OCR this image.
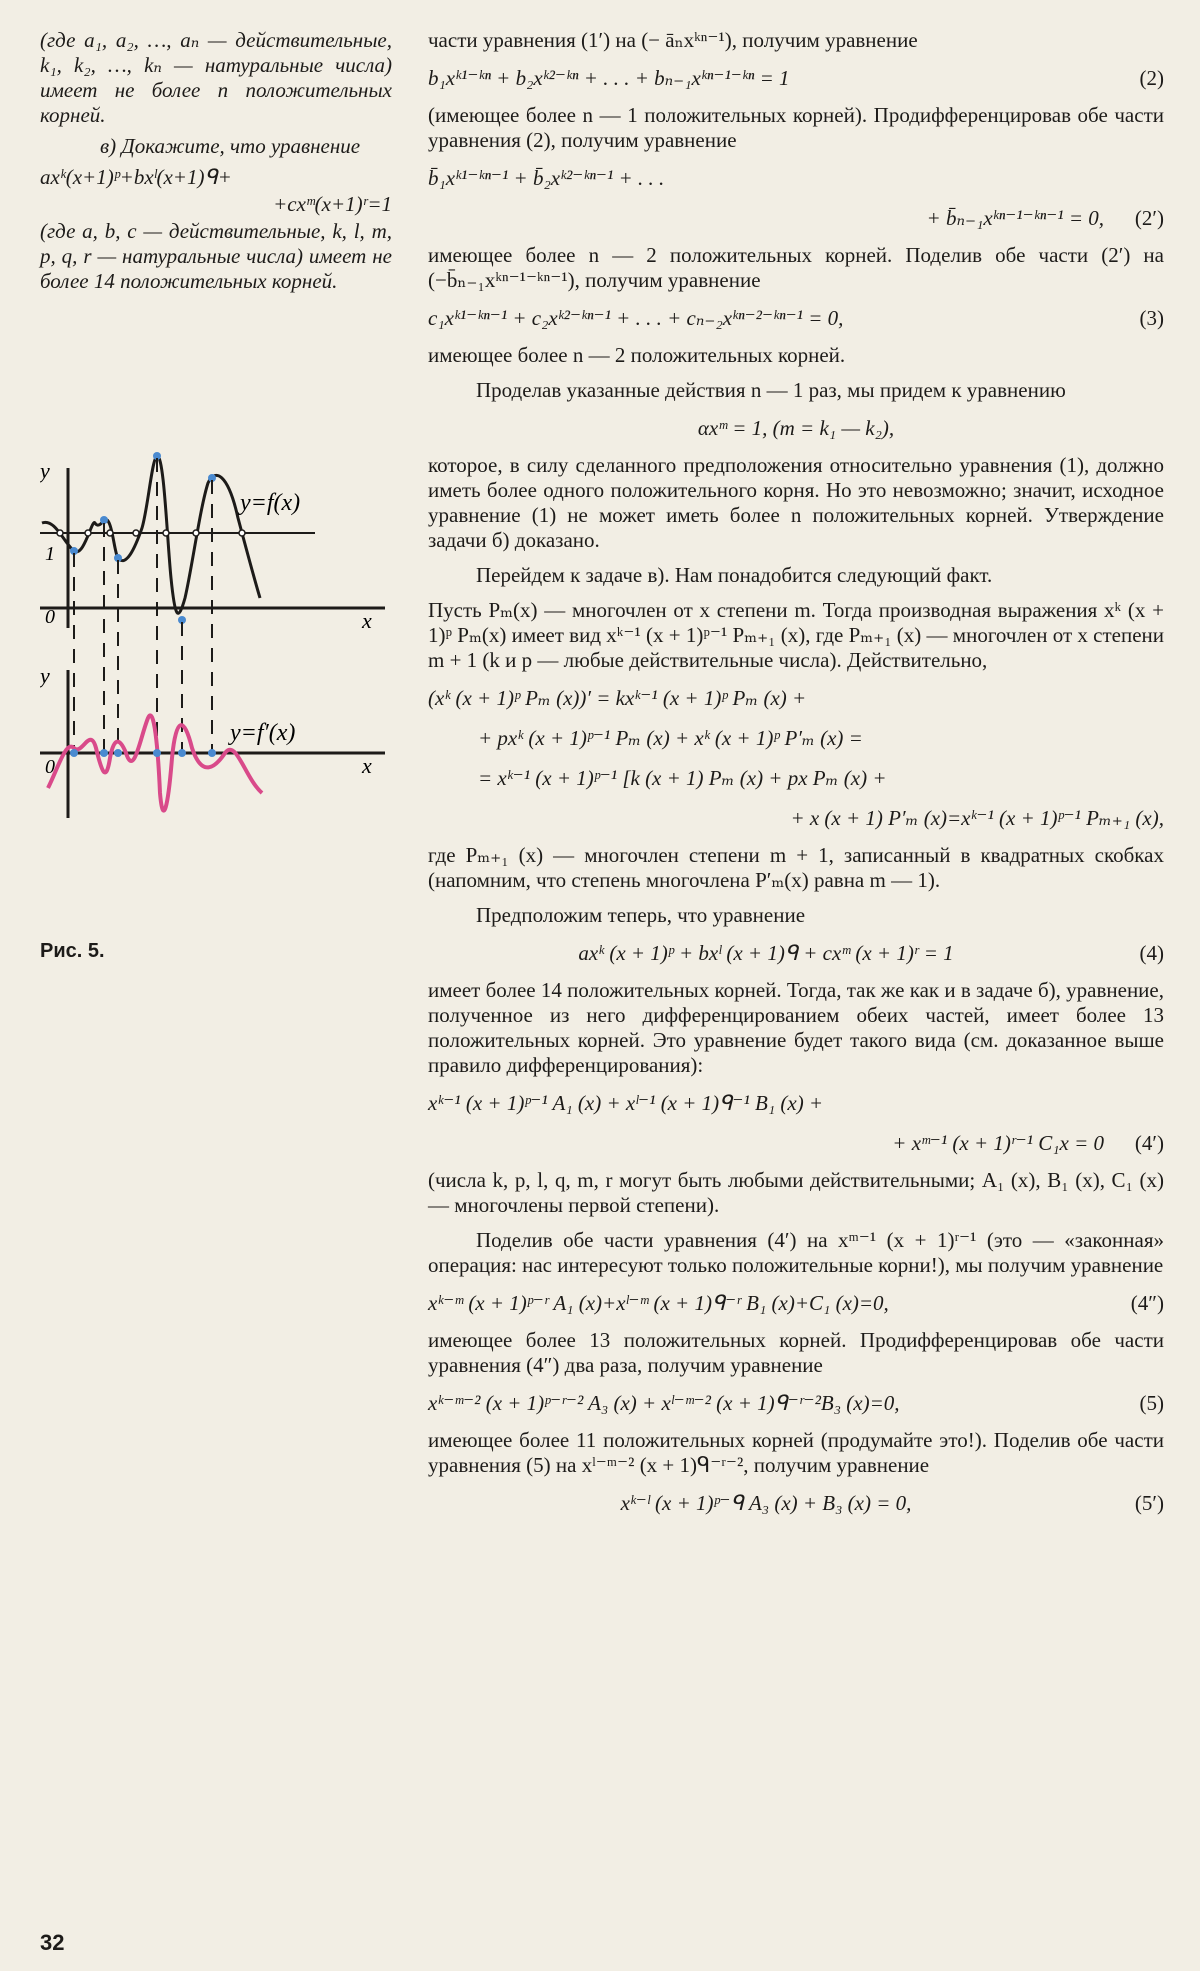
(где a₁, a₂, …, aₙ — действительные, k₁, k₂, …, kₙ — натуральные числа) имеет не более n положительных корней.

в) Докажите, что уравнение

axᵏ(x+1)ᵖ+bxˡ(x+1)ᑫ+
+cxᵐ(x+1)ʳ=1

(где a, b, c — действительные, k, l, m, p, q, r — натуральные числа) имеет не более 14 положительных корней.

y
1
0	x
y=f(x)
y
0	x
y=f′(x)
Рис. 5.
части уравнения (1′) на (− āₙxᵏⁿ⁻¹), получим уравнение
b₁xᵏ¹⁻ᵏⁿ + b₂xᵏ²⁻ᵏⁿ + . . . + bₙ₋₁xᵏⁿ⁻¹⁻ᵏⁿ = 1	(2)
(имеющее более n — 1 положительных корней). Продифференцировав обе части уравнения (2), получим уравнение
b̄₁xᵏ¹⁻ᵏⁿ⁻¹ + b̄₂xᵏ²⁻ᵏⁿ⁻¹ + . . .
+ b̄ₙ₋₁xᵏⁿ⁻¹⁻ᵏⁿ⁻¹ = 0,	(2′)
имеющее более n — 2 положительных корней. Поделив обе части (2′) на (−b̄ₙ₋₁xᵏⁿ⁻¹⁻ᵏⁿ⁻¹), получим уравнение
c₁xᵏ¹⁻ᵏⁿ⁻¹ + c₂xᵏ²⁻ᵏⁿ⁻¹ + . . . + cₙ₋₂xᵏⁿ⁻²⁻ᵏⁿ⁻¹ = 0,	(3)
имеющее более n — 2 положительных корней.
Проделав указанные действия n — 1 раз, мы придем к уравнению
αxᵐ = 1, (m = k₁ — k₂),
которое, в силу сделанного предположения относительно уравнения (1), должно иметь более одного положительного корня. Но это невозможно; значит, исходное уравнение (1) не может иметь более n положительных корней. Утверждение задачи б) доказано.
Перейдем к задаче в). Нам понадобится следующий факт.
Пусть Pₘ(x) — многочлен от x степени m. Тогда производная выражения xᵏ (x + 1)ᵖ Pₘ(x) имеет вид xᵏ⁻¹ (x + 1)ᵖ⁻¹ Pₘ₊₁ (x), где Pₘ₊₁ (x) — многочлен от x степени m + 1 (k и p — любые действительные числа). Действительно,
(xᵏ (x + 1)ᵖ Pₘ (x))′ = kxᵏ⁻¹ (x + 1)ᵖ Pₘ (x) +
+ pxᵏ (x + 1)ᵖ⁻¹ Pₘ (x) + xᵏ (x + 1)ᵖ P′ₘ (x) =
= xᵏ⁻¹ (x + 1)ᵖ⁻¹ [k (x + 1) Pₘ (x) + px Pₘ (x) +
+ x (x + 1) P′ₘ (x)=xᵏ⁻¹ (x + 1)ᵖ⁻¹ Pₘ₊₁ (x),
где Pₘ₊₁ (x) — многочлен степени m + 1, записанный в квадратных скобках (напомним, что степень многочлена P′ₘ(x) равна m — 1).
Предположим теперь, что уравнение
axᵏ (x + 1)ᵖ + bxˡ (x + 1)ᑫ + cxᵐ (x + 1)ʳ = 1	(4)
имеет более 14 положительных корней. Тогда, так же как и в задаче б), уравнение, полученное из него дифференцированием обеих частей, имеет более 13 положительных корней. Это уравнение будет такого вида (см. доказанное выше правило дифференцирования):
xᵏ⁻¹ (x + 1)ᵖ⁻¹ A₁ (x) + xˡ⁻¹ (x + 1)ᑫ⁻¹ B₁ (x) +
+ xᵐ⁻¹ (x + 1)ʳ⁻¹ C₁x = 0	(4′)
(числа k, p, l, q, m, r могут быть любыми действительными; A₁ (x), B₁ (x), C₁ (x) — многочлены первой степени).
Поделив обе части уравнения (4′) на xᵐ⁻¹ (x + 1)ʳ⁻¹ (это — «законная» операция: нас интересуют только положительные корни!), мы получим уравнение
xᵏ⁻ᵐ (x + 1)ᵖ⁻ʳ A₁ (x)+xˡ⁻ᵐ (x + 1)ᑫ⁻ʳ B₁ (x)+C₁ (x)=0,	(4″)
имеющее более 13 положительных корней. Продифференцировав обе части уравнения (4″) два раза, получим уравнение
xᵏ⁻ᵐ⁻² (x + 1)ᵖ⁻ʳ⁻² A₃ (x) + xˡ⁻ᵐ⁻² (x + 1)ᑫ⁻ʳ⁻²B₃ (x)=0,	(5)
имеющее более 11 положительных корней (продумайте это!). Поделив обе части уравнения (5) на xˡ⁻ᵐ⁻² (x + 1)ᑫ⁻ʳ⁻², получим уравнение
xᵏ⁻ˡ (x + 1)ᵖ⁻ᑫ A₃ (x) + B₃ (x) = 0,	(5′)
32
